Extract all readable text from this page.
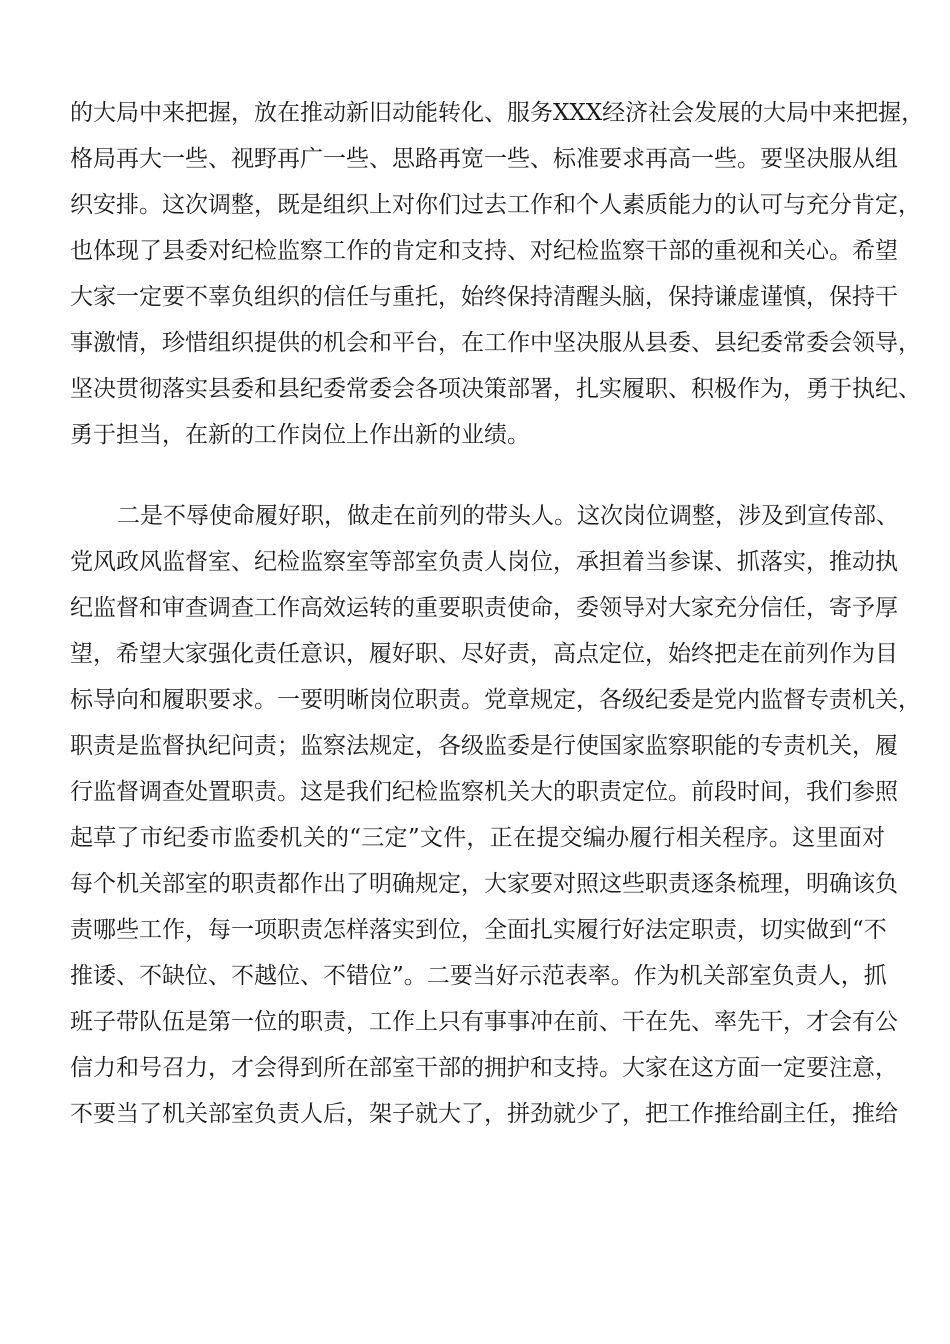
的大局中来把握，放在推动新旧动能转化、服务XXX经济社会发展的大局中来把握，
格局再大一些、视野再广一些、思路再宽一些、标准要求再高一些。要坚决服从组
织安排。这次调整，既是组织上对你们过去工作和个人素质能力的认可与充分肯定，
也体现了县委对纪检监察工作的肯定和支持、对纪检监察干部的重视和关心。希望
大家一定要不辜负组织的信任与重托，始终保持清醒头脑，保持谦虚谨慎，保持干
事激情，珍惜组织提供的机会和平台，在工作中坚决服从县委、县纪委常委会领导，
坚决贯彻落实县委和县纪委常委会各项决策部署，扎实履职、积极作为，勇于执纪、
勇于担当，在新的工作岗位上作出新的业绩。
二是不辱使命履好职，做走在前列的带头人。这次岗位调整，涉及到宣传部、
党风政风监督室、纪检监察室等部室负责人岗位，承担着当参谋、抓落实，推动执
纪监督和审查调查工作高效运转的重要职责使命，委领导对大家充分信任，寄予厚
望，希望大家强化责任意识，履好职、尽好责，高点定位，始终把走在前列作为目
标导向和履职要求。一要明晰岗位职责。党章规定，各级纪委是党内监督专责机关，
职责是监督执纪问责；监察法规定，各级监委是行使国家监察职能的专责机关，履
行监督调查处置职责。这是我们纪检监察机关大的职责定位。前段时间，我们参照
起草了市纪委市监委机关的“三定”文件，正在提交编办履行相关程序。这里面对
每个机关部室的职责都作出了明确规定，大家要对照这些职责逐条梳理，明确该负
责哪些工作，每一项职责怎样落实到位，全面扎实履行好法定职责，切实做到“不
推诿、不缺位、不越位、不错位”。二要当好示范表率。作为机关部室负责人，抓
班子带队伍是第一位的职责，工作上只有事事冲在前、干在先、率先干，才会有公
信力和号召力，才会得到所在部室干部的拥护和支持。大家在这方面一定要注意，
不要当了机关部室负责人后，架子就大了，拼劲就少了，把工作推给副主任，推给
